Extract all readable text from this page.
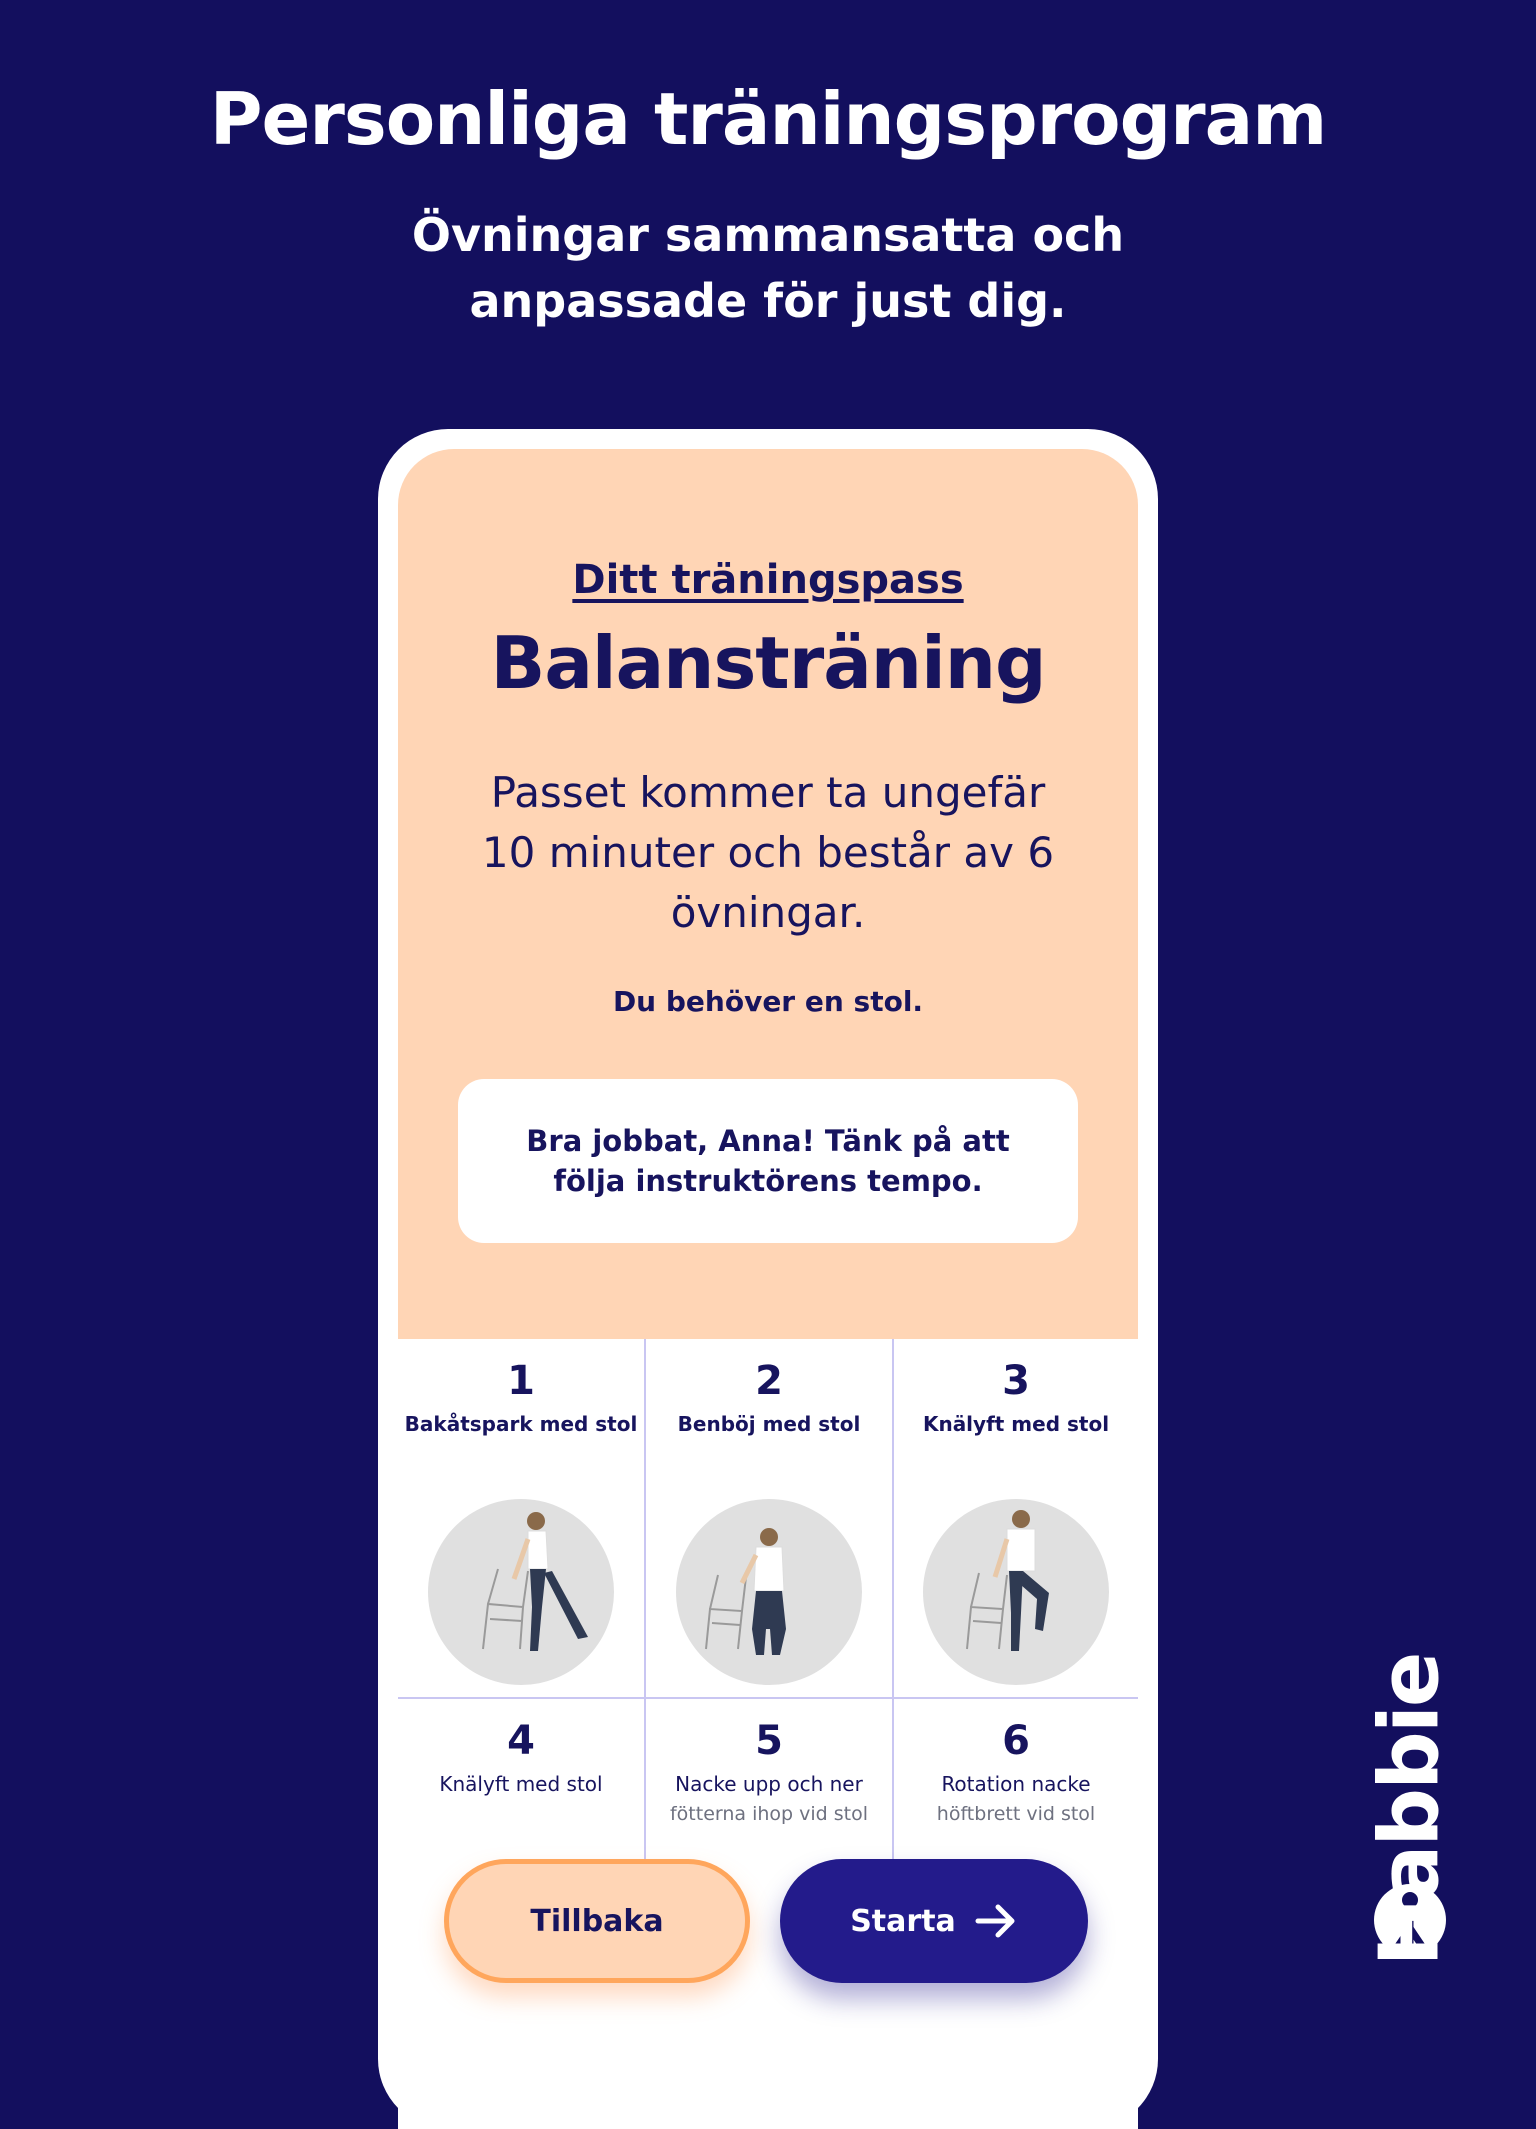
Personliga träningsprogram
Övningar sammansatta och
anpassade för just dig.
Ditt träningspass
Balansträning
Passet kommer ta ungefär 10 minuter och består av 6 övningar.
Du behöver en stol.
Bra jobbat, Anna! Tänk på att följa instruktörens tempo.
1
Bakåtspark med stol
2
Benböj med stol
3
Knälyft med stol
4
Knälyft med stol
5
Nacke upp och ner
fötterna ihop vid stol
6
Rotation nacke
höftbrett vid stol
Tillbaka	Starta	Habbie
